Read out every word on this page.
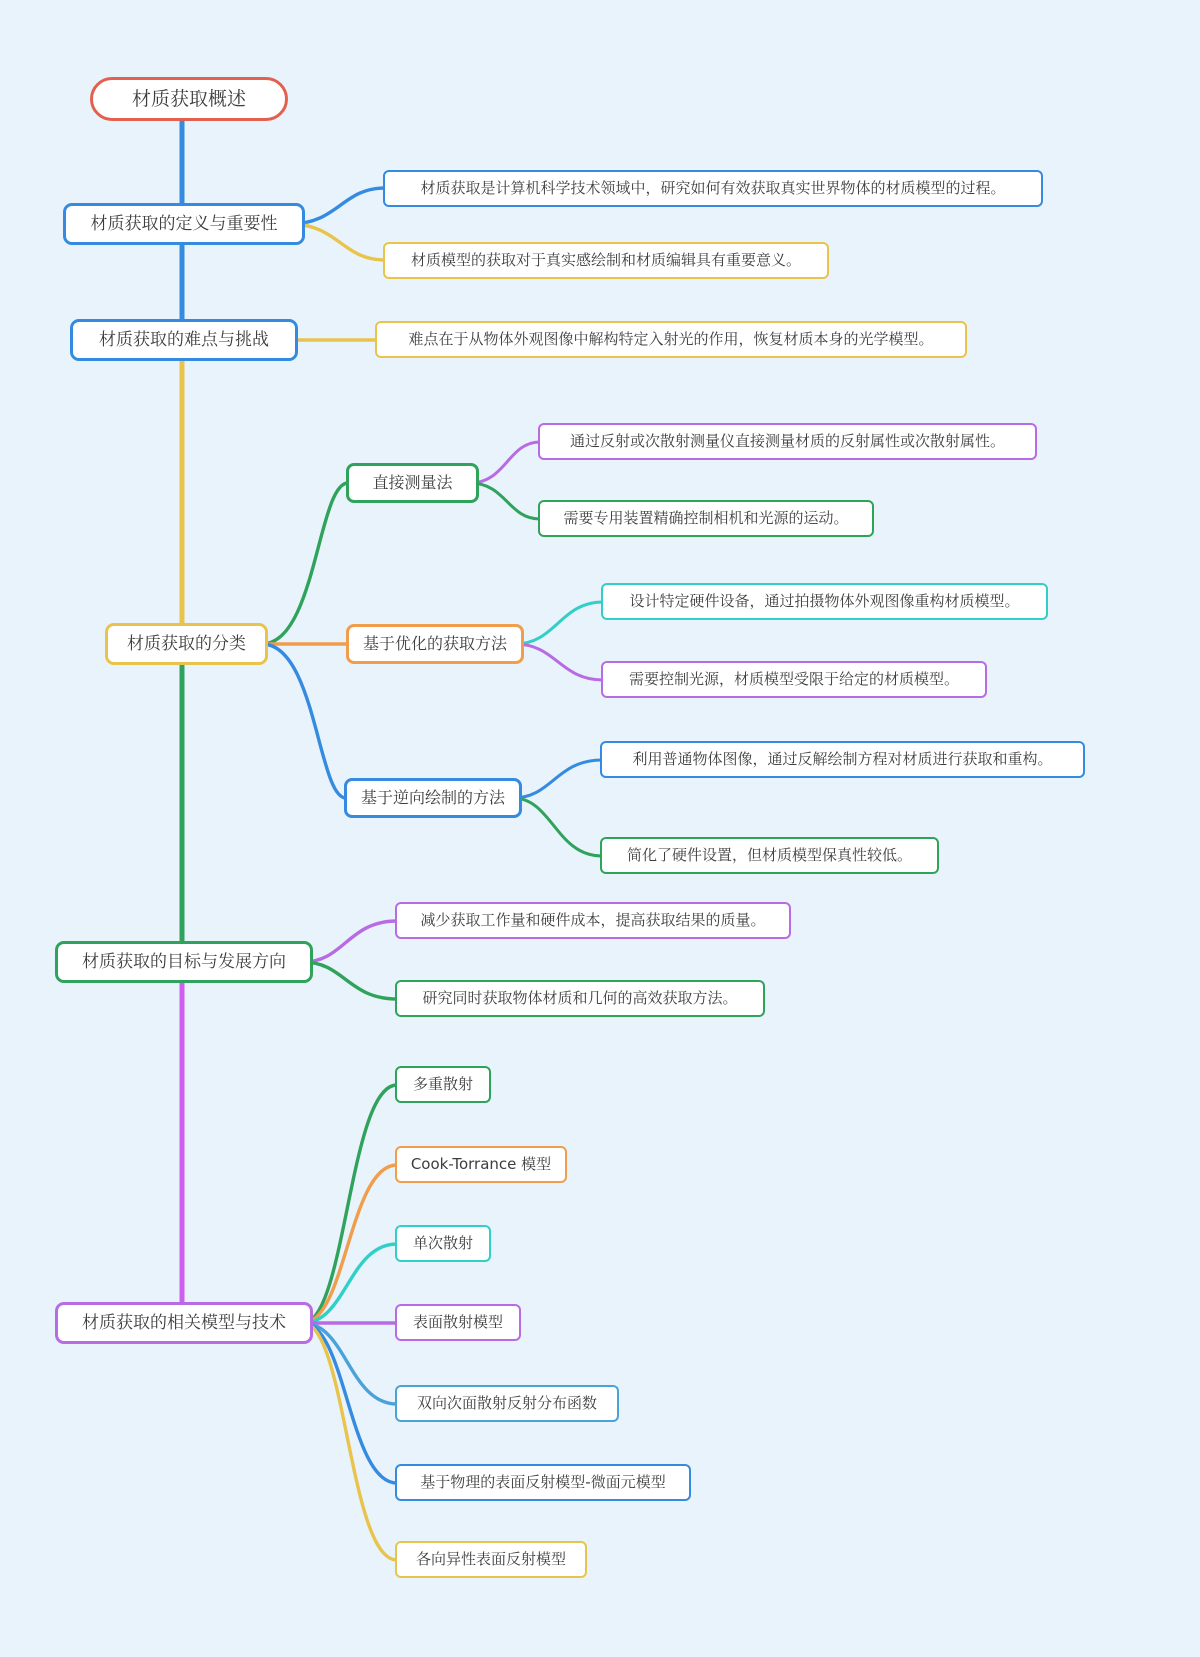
材质获取概述
材质获取的定义与重要性
材质获取是计算机科学技术领域中，研究如何有效获取真实世界物体的材质模型的过程。
材质模型的获取对于真实感绘制和材质编辑具有重要意义。
材质获取的难点与挑战	难点在于从物体外观图像中解构特定入射光的作用，恢复材质本身的光学模型。
材质获取的分类
直接测量法
通过反射或次散射测量仪直接测量材质的反射属性或次散射属性。
需要专用装置精确控制相机和光源的运动。
基于优化的获取方法
设计特定硬件设备，通过拍摄物体外观图像重构材质模型。
需要控制光源，材质模型受限于给定的材质模型。
基于逆向绘制的方法
利用普通物体图像，通过反解绘制方程对材质进行获取和重构。
简化了硬件设置，但材质模型保真性较低。
材质获取的目标与发展方向
减少获取工作量和硬件成本，提高获取结果的质量。
研究同时获取物体材质和几何的高效获取方法。
材质获取的相关模型与技术
多重散射
Cook-Torrance 模型
单次散射
表面散射模型
双向次面散射反射分布函数
基于物理的表面反射模型-微面元模型
各向异性表面反射模型
